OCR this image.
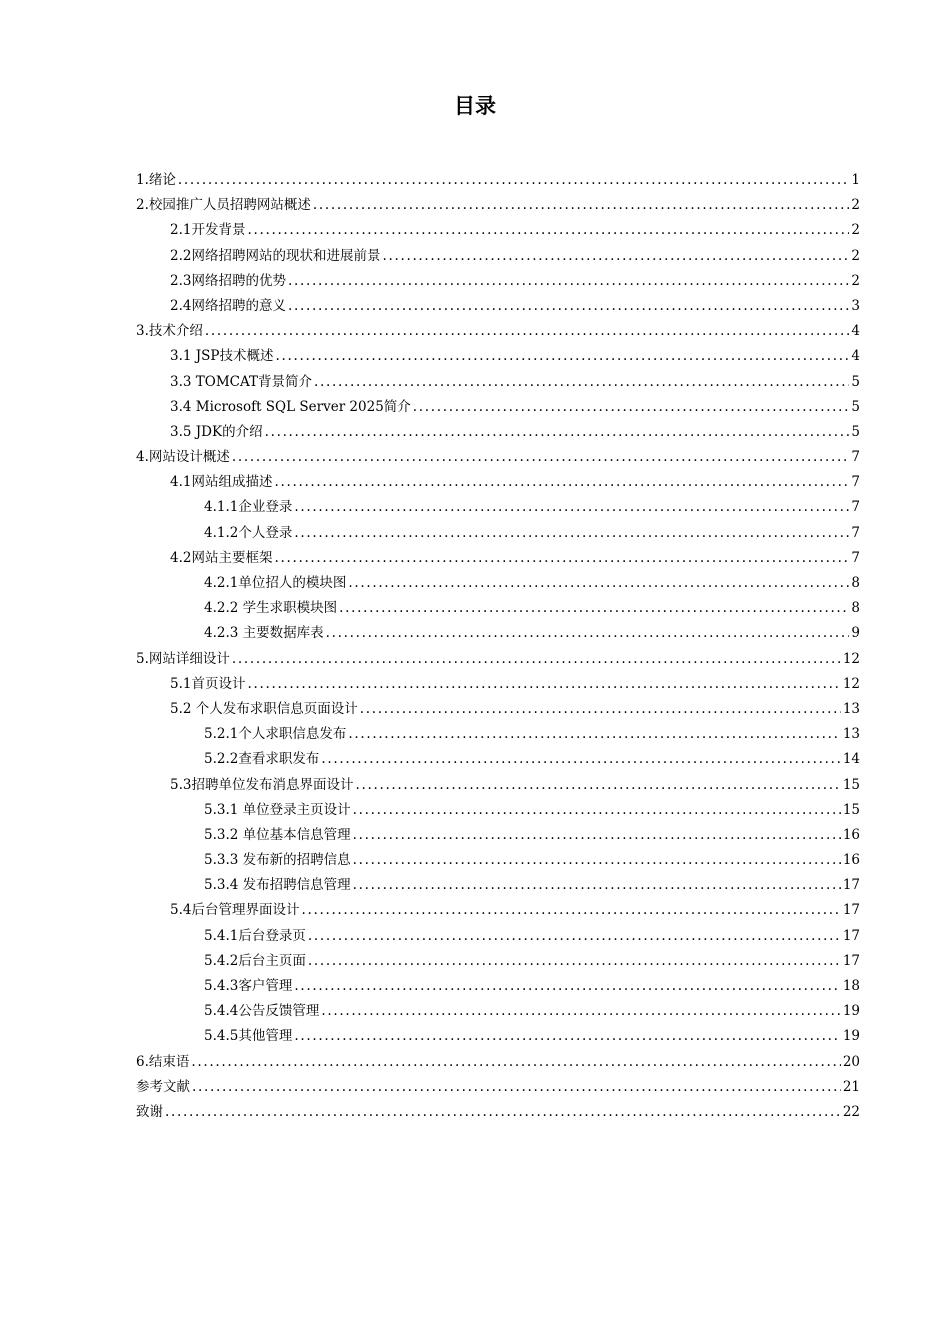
目录
1.绪论 .....	1
2.校园推广人员招聘网站概述 .....	2
2.1开发背景 .....	2
2.2网络招聘网站的现状和进展前景 .....	2
2.3网络招聘的优势 .....	2
2.4网络招聘的意义 .....	3
3.技术介绍 .....	4
3.1 JSP技术概述 .....	4
3.3 TOMCAT背景简介 .....	5
3.4 Microsoft SQL Server 2025简介 .....	5
3.5 JDK的介绍 .....	5
4.网站设计概述 .....	7
4.1网站组成描述 .....	7
4.1.1企业登录 .....	7
4.1.2个人登录 .....	7
4.2网站主要框架 .....	7
4.2.1单位招人的模块图 .....	8
4.2.2 学生求职模块图 .....	8
4.2.3 主要数据库表 .....	9
5.网站详细设计 .....	12
5.1首页设计 .....	12
5.2 个人发布求职信息页面设计 .....	13
5.2.1个人求职信息发布 .....	13
5.2.2查看求职发布 .....	14
5.3招聘单位发布消息界面设计 .....	15
5.3.1 单位登录主页设计 .....	15
5.3.2 单位基本信息管理 .....	16
5.3.3 发布新的招聘信息 .....	16
5.3.4 发布招聘信息管理 .....	17
5.4后台管理界面设计 .....	17
5.4.1后台登录页 .....	17
5.4.2后台主页面 .....	17
5.4.3客户管理 .....	18
5.4.4公告反馈管理 .....	19
5.4.5其他管理 .....	19
6.结束语 .....	20
参考文献 .....	21
致谢 .....	22
